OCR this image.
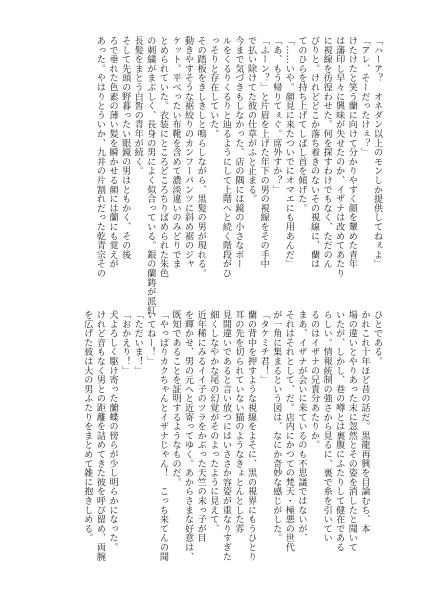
「ハーア？　オネダン以上のモンしか提供してねぇよ」
「アレ、そーだったけぇ？」
けたけたと笑う蘭に向けて分かりやすく顔を顰めた青年
は藩印し早々に興味が失せたのか、イザナは改めてあたり
に視線を彷徨わせた。何を探すわけでもなく、ただのん
びりと。けれどどこか落ち着きのないその視線に、蘭は
てのひらを持ち上げてしばし首を傾げた。
「……いや。顔見に来たついでにオマエにも用あんだ」
「あ、もう帰りてぇぐ。席外すか？」
「ふーン？」と片眉を上げた年下の男の視線をその手中
で払い除けてた彼の仕草がふと止まる。
今まで気づきもしなかった、店の隅には鏡の小さなボー
ルをくるりくるりと辿るようにして上階へと続く階段がひ
っそりと存在していた。
その踏板をきしきしと鳴らしながら、黒髪の男が現れる。
動きやすそうな裾絞りのカンフーパンツに斜め裾のジャ
ケット。平べったい布靴を含めて濃淡違いのみどりでま
とめられていた。衣装にところどころちりばめられた朱色
の刺繍がまぶしく、長身の男によく似合っている。銀の蘭鋳が派紅
長髪をまとう白皙の青年が続く。
そして先頭の野暮ったい眼鏡の男はともかく、その後
ろで垂れた色素の薄い髪を瞬かせる顔には蘭にも覚えが
あった。やはりとういか、九井の片割れだった乾青宗その
ひとである。
かれこれ十年ほど昔の話だ。黒龍再興を目論むち、本
場の違いとやりあった末に忽然とその姿を消したと聞いて
いたが、しかし、巷の噂とは裏腹にふたりして健在である
らしい。情報統制の強さから見るに、裏で糸を引いてい
るのはイザナの兄貴分あたりか。
まあ、イザナが会いに来ているのも不思議ではないが、
それはそれとして、だ。店内にかつての梵天・極悪の世代
が一角に集まるという図は、なにか奇妙な感じがした。
「タケミチ君！」
蘭の背中を押すような視線をよそに、黒の視界にもうひとり
耳の先を切られていない猫のようなきょとんとした雰
見間違いであると言い放つにはいささか容姿が重なりすぎた
細くしなやかな尾の幻覚がそのよったように見えて、
近年稀にみるイイ子のツラをかぶった天竺の末っ子が目
を輝かせ、男の元へと近寄ってゆく。あからさまな好意は、
既知であることを証明するようなものだ。
「やっぱりカクちゃんとイザナじゃん！　こっち来てんの聞
いてねー！」
「ただいま！」
「おかえり！」
犬よろしく駆け寄った蘭蝶の傍らが少し明らかになった。
けれど音もなく男との距離を詰めてきた彼を呼び留め、両腕
を広げた彼は大の男ふたりをまとめて雑に抱きしめる。
